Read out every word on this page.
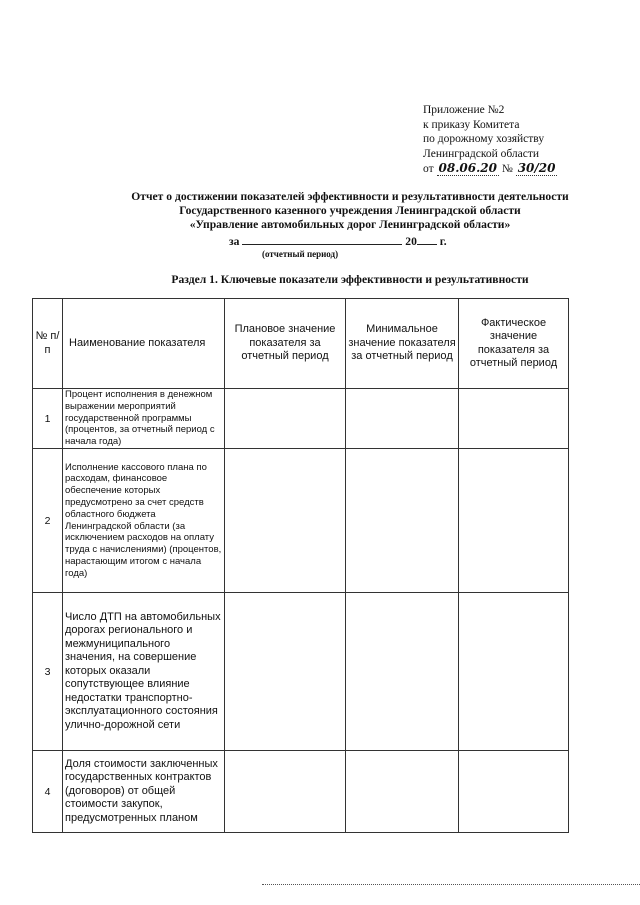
Приложение №2
к приказу Комитета
по дорожному хозяйству
Ленинградской области
от 08.06.20 № 30/20
Отчет о достижении показателей эффективности и результативности деятельности
Государственного казенного учреждения Ленинградской области
«Управление автомобильных дорог Ленинградской области»
за	20 г.
(отчетный период)
Раздел 1. Ключевые показатели эффективности и результативности
№ п/п	Наименование показателя	Плановое значение показателя за отчетный период	Минимальное значение показателя за отчетный период	Фактическое значение показателя за отчетный период
1	Процент исполнения в денежном выражении мероприятий государственной программы (процентов, за отчетный период с начала года)			
2	Исполнение кассового плана по расходам, финансовое обеспечение которых предусмотрено за счет средств областного бюджета Ленинградской области (за исключением расходов на оплату труда с начислениями) (процентов, нарастающим итогом с начала года)			
3	Число ДТП на автомобильных дорогах регионального и межмуниципального значения, на совершение которых оказали сопутствующее влияние недостатки транспортно-эксплуатационного состояния улично-дорожной сети			
4	Доля стоимости заключенных государственных контрактов (договоров) от общей стоимости закупок, предусмотренных планом			
